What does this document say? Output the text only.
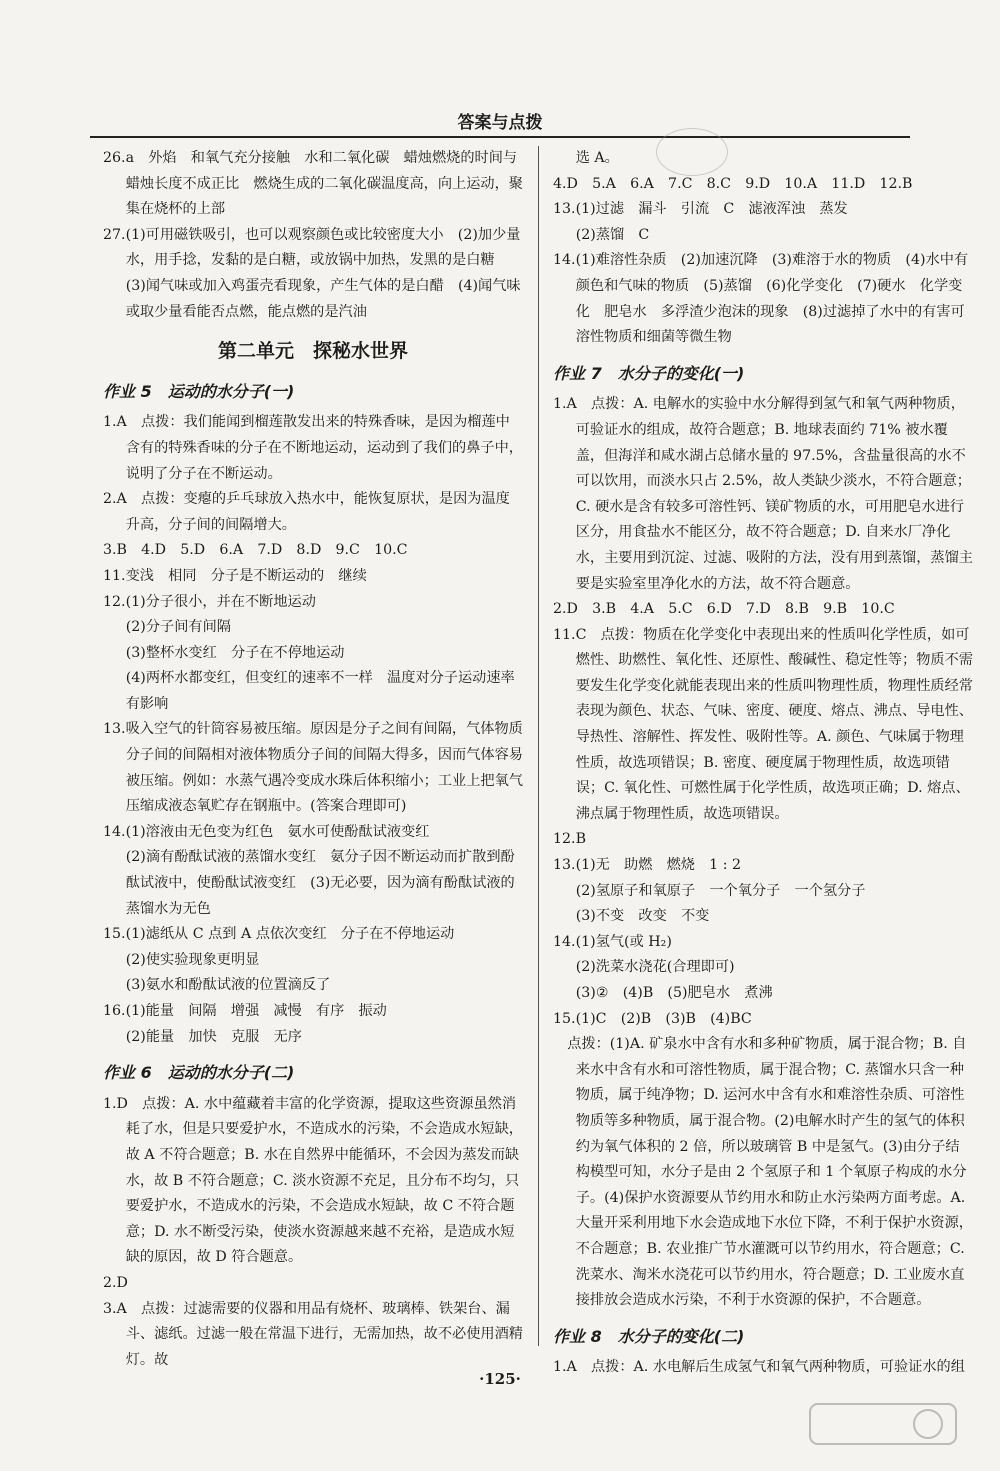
答案与点拨
26.a　外焰　和氧气充分接触　水和二氧化碳　蜡烛燃烧的时间与蜡烛长度不成正比　燃烧生成的二氧化碳温度高，向上运动，聚集在烧杯的上部
27.(1)可用磁铁吸引，也可以观察颜色或比较密度大小　(2)加少量水，用手捻，发黏的是白糖，或放锅中加热，发黑的是白糖　(3)闻气味或加入鸡蛋壳看现象，产生气体的是白醋　(4)闻气味或取少量看能否点燃，能点燃的是汽油
第二单元　探秘水世界
作业 5　运动的水分子(一)
1.A　点拨：我们能闻到榴莲散发出来的特殊香味，是因为榴莲中含有的特殊香味的分子在不断地运动，运动到了我们的鼻子中，说明了分子在不断运动。
2.A　点拨：变瘪的乒乓球放入热水中，能恢复原状，是因为温度升高，分子间的间隔增大。
3.B　4.D　5.D　6.A　7.D　8.D　9.C　10.C
11.变浅　相同　分子是不断运动的　继续
12.(1)分子很小，并在不断地运动
(2)分子间有间隔
(3)整杯水变红　分子在不停地运动
(4)两杯水都变红，但变红的速率不一样　温度对分子运动速率有影响
13.吸入空气的针筒容易被压缩。原因是分子之间有间隔，气体物质分子间的间隔相对液体物质分子间的间隔大得多，因而气体容易被压缩。例如：水蒸气遇冷变成水珠后体积缩小；工业上把氧气压缩成液态氧贮存在钢瓶中。(答案合理即可)
14.(1)溶液由无色变为红色　氨水可使酚酞试液变红
(2)滴有酚酞试液的蒸馏水变红　氨分子因不断运动而扩散到酚酞试液中，使酚酞试液变红　(3)无必要，因为滴有酚酞试液的蒸馏水为无色
15.(1)滤纸从 C 点到 A 点依次变红　分子在不停地运动
(2)使实验现象更明显
(3)氨水和酚酞试液的位置滴反了
16.(1)能量　间隔　增强　减慢　有序　振动
(2)能量　加快　克服　无序
作业 6　运动的水分子(二)
1.D　点拨：A. 水中蕴藏着丰富的化学资源，提取这些资源虽然消耗了水，但是只要爱护水，不造成水的污染，不会造成水短缺，故 A 不符合题意；B. 水在自然界中能循环，不会因为蒸发而缺水，故 B 不符合题意；C. 淡水资源不充足，且分布不均匀，只要爱护水，不造成水的污染，不会造成水短缺，故 C 不符合题意；D. 水不断受污染，使淡水资源越来越不充裕，是造成水短缺的原因，故 D 符合题意。
2.D
3.A　点拨：过滤需要的仪器和用品有烧杯、玻璃棒、铁架台、漏斗、滤纸。过滤一般在常温下进行，无需加热，故不必使用酒精灯。故
选 A。
4.D　5.A　6.A　7.C　8.C　9.D　10.A　11.D　12.B
13.(1)过滤　漏斗　引流　C　滤液浑浊　蒸发
(2)蒸馏　C
14.(1)难溶性杂质　(2)加速沉降　(3)难溶于水的物质　(4)水中有颜色和气味的物质　(5)蒸馏　(6)化学变化　(7)硬水　化学变化　肥皂水　多浮渣少泡沫的现象　(8)过滤掉了水中的有害可溶性物质和细菌等微生物
作业 7　水分子的变化(一)
1.A　点拨：A. 电解水的实验中水分解得到氢气和氧气两种物质，可验证水的组成，故符合题意；B. 地球表面约 71% 被水覆盖，但海洋和咸水湖占总储水量的 97.5%，含盐量很高的水不可以饮用，而淡水只占 2.5%，故人类缺少淡水，不符合题意；C. 硬水是含有较多可溶性钙、镁矿物质的水，可用肥皂水进行区分，用食盐水不能区分，故不符合题意；D. 自来水厂净化水，主要用到沉淀、过滤、吸附的方法，没有用到蒸馏，蒸馏主要是实验室里净化水的方法，故不符合题意。
2.D　3.B　4.A　5.C　6.D　7.D　8.B　9.B　10.C
11.C　点拨：物质在化学变化中表现出来的性质叫化学性质，如可燃性、助燃性、氧化性、还原性、酸碱性、稳定性等；物质不需要发生化学变化就能表现出来的性质叫物理性质，物理性质经常表现为颜色、状态、气味、密度、硬度、熔点、沸点、导电性、导热性、溶解性、挥发性、吸附性等。A. 颜色、气味属于物理性质，故选项错误；B. 密度、硬度属于物理性质，故选项错误；C. 氧化性、可燃性属于化学性质，故选项正确；D. 熔点、沸点属于物理性质，故选项错误。
12.B
13.(1)无　助燃　燃烧　1 : 2
(2)氢原子和氧原子　一个氧分子　一个氢分子
(3)不变　改变　不变
14.(1)氢气(或 H₂)
(2)洗菜水浇花(合理即可)
(3)②　(4)B　(5)肥皂水　煮沸
15.(1)C　(2)B　(3)B　(4)BC
　点拨：(1)A. 矿泉水中含有水和多种矿物质，属于混合物；B. 自来水中含有水和可溶性物质，属于混合物；C. 蒸馏水只含一种物质，属于纯净物；D. 运河水中含有水和难溶性杂质、可溶性物质等多种物质，属于混合物。(2)电解水时产生的氢气的体积约为氧气体积的 2 倍，所以玻璃管 B 中是氢气。(3)由分子结构模型可知，水分子是由 2 个氢原子和 1 个氧原子构成的水分子。(4)保护水资源要从节约用水和防止水污染两方面考虑。A. 大量开采利用地下水会造成地下水位下降，不利于保护水资源，不合题意；B. 农业推广节水灌溉可以节约用水，符合题意；C. 洗菜水、淘米水浇花可以节约用水，符合题意；D. 工业废水直接排放会造成水污染，不利于水资源的保护，不合题意。
作业 8　水分子的变化(二)
1.A　点拨：A. 水电解后生成氢气和氧气两种物质，可验证水的组
·125·
